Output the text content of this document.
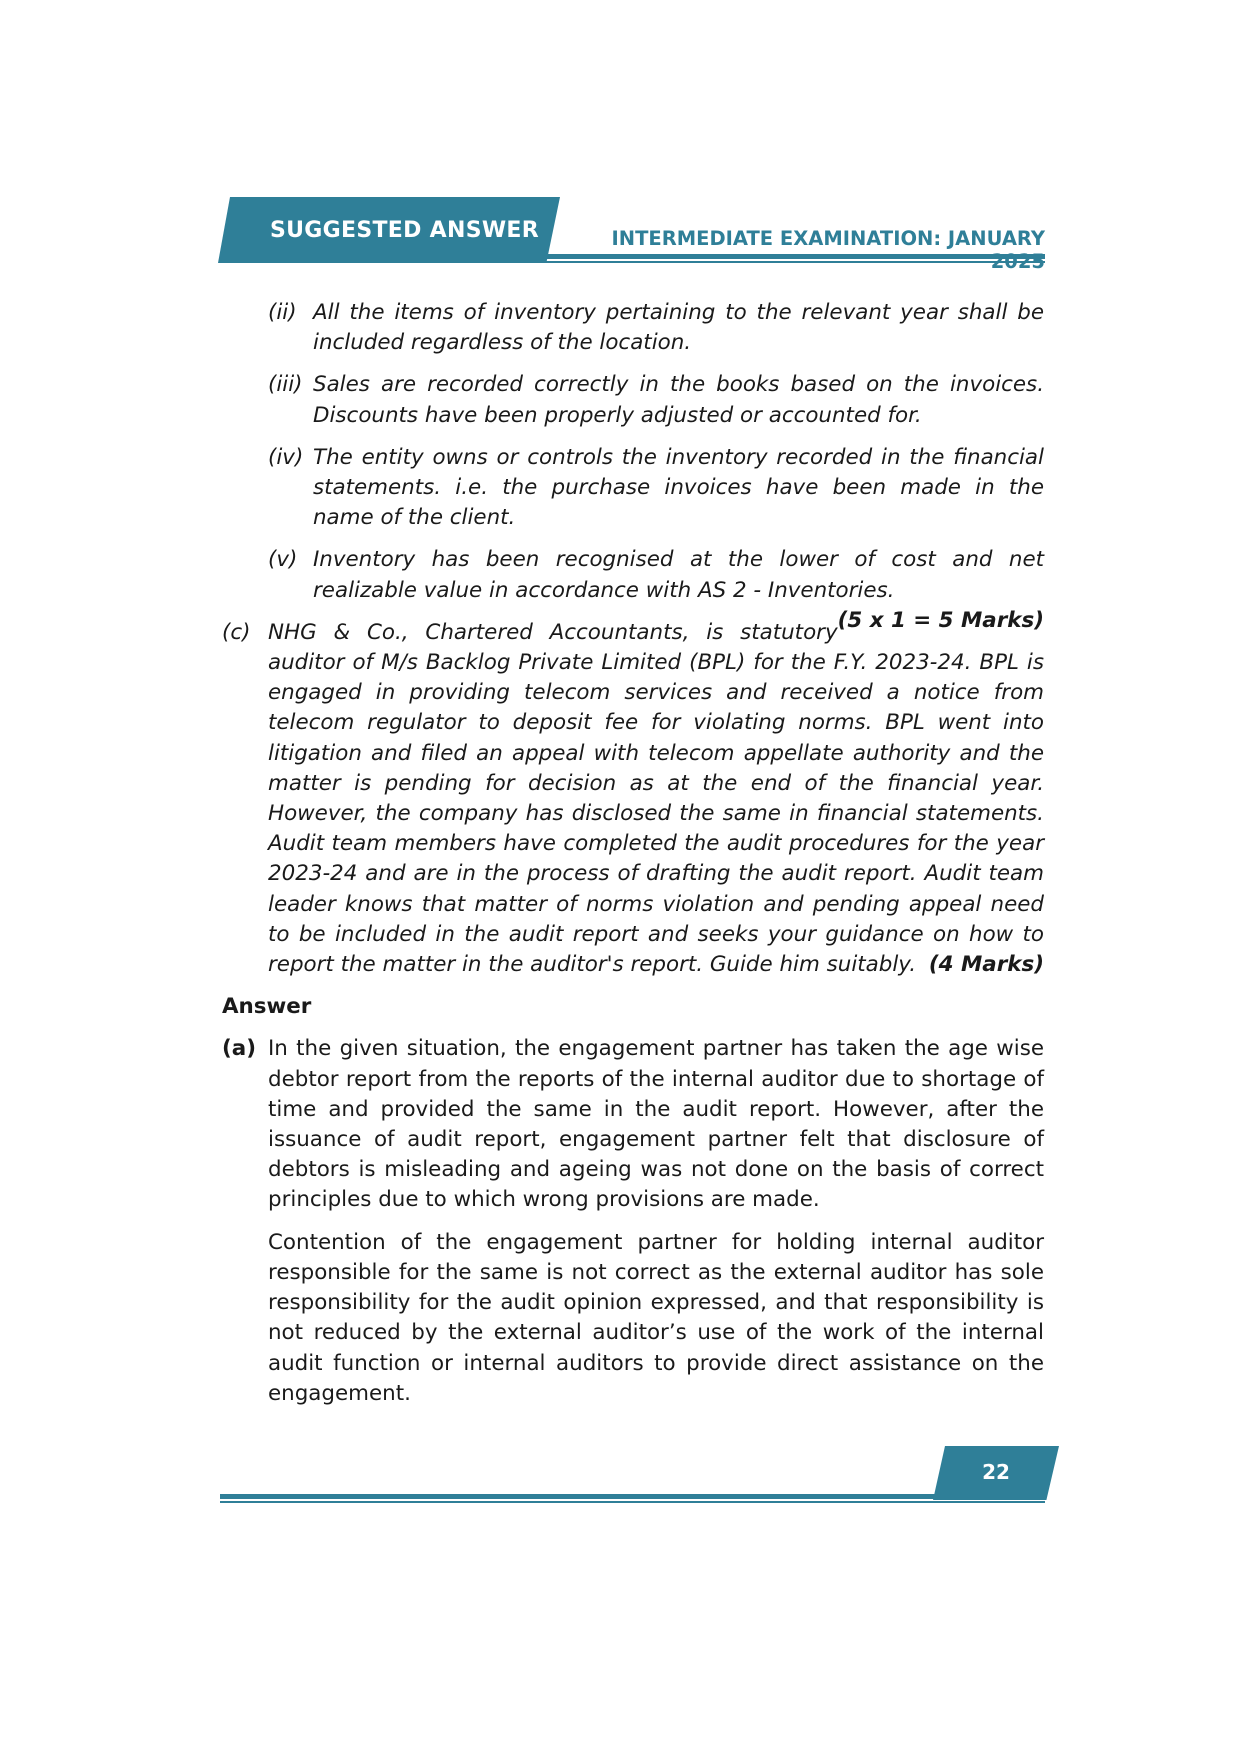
SUGGESTED ANSWER	INTERMEDIATE EXAMINATION: JANUARY
(ii) All the items of inventory pertaining to the relevant year shall be included regardless of the location.
(iii) Sales are recorded correctly in the books based on the invoices. Discounts have been properly adjusted or accounted for.
(iv) The entity owns or controls the inventory recorded in the financial statements. i.e. the purchase invoices have been made in the name of the client.
(v) Inventory has been recognised at the lower of cost and net realizable value in accordance with AS 2 - Inventories.
(5 x 1 = 5 Marks)
(c) NHG & Co., Chartered Accountants, is statutory auditor of M/s Backlog Private Limited (BPL) for the F.Y. 2023-24. BPL is engaged in providing telecom services and received a notice from telecom regulator to deposit fee for violating norms. BPL went into litigation and filed an appeal with telecom appellate authority and the matter is pending for decision as at the end of the financial year. However, the company has disclosed the same in financial statements. Audit team members have completed the audit procedures for the year 2023-24 and are in the process of drafting the audit report. Audit team leader knows that matter of norms violation and pending appeal need to be included in the audit report and seeks your guidance on how to report the matter in the auditor's report. Guide him suitably. (4 Marks)
Answer
(a) In the given situation, the engagement partner has taken the age wise debtor report from the reports of the internal auditor due to shortage of time and provided the same in the audit report. However, after the issuance of audit report, engagement partner felt that disclosure of debtors is misleading and ageing was not done on the basis of correct principles due to which wrong provisions are made.
Contention of the engagement partner for holding internal auditor responsible for the same is not correct as the external auditor has sole responsibility for the audit opinion expressed, and that responsibility is not reduced by the external auditor’s use of the work of the internal audit function or internal auditors to provide direct assistance on the engagement.
22
